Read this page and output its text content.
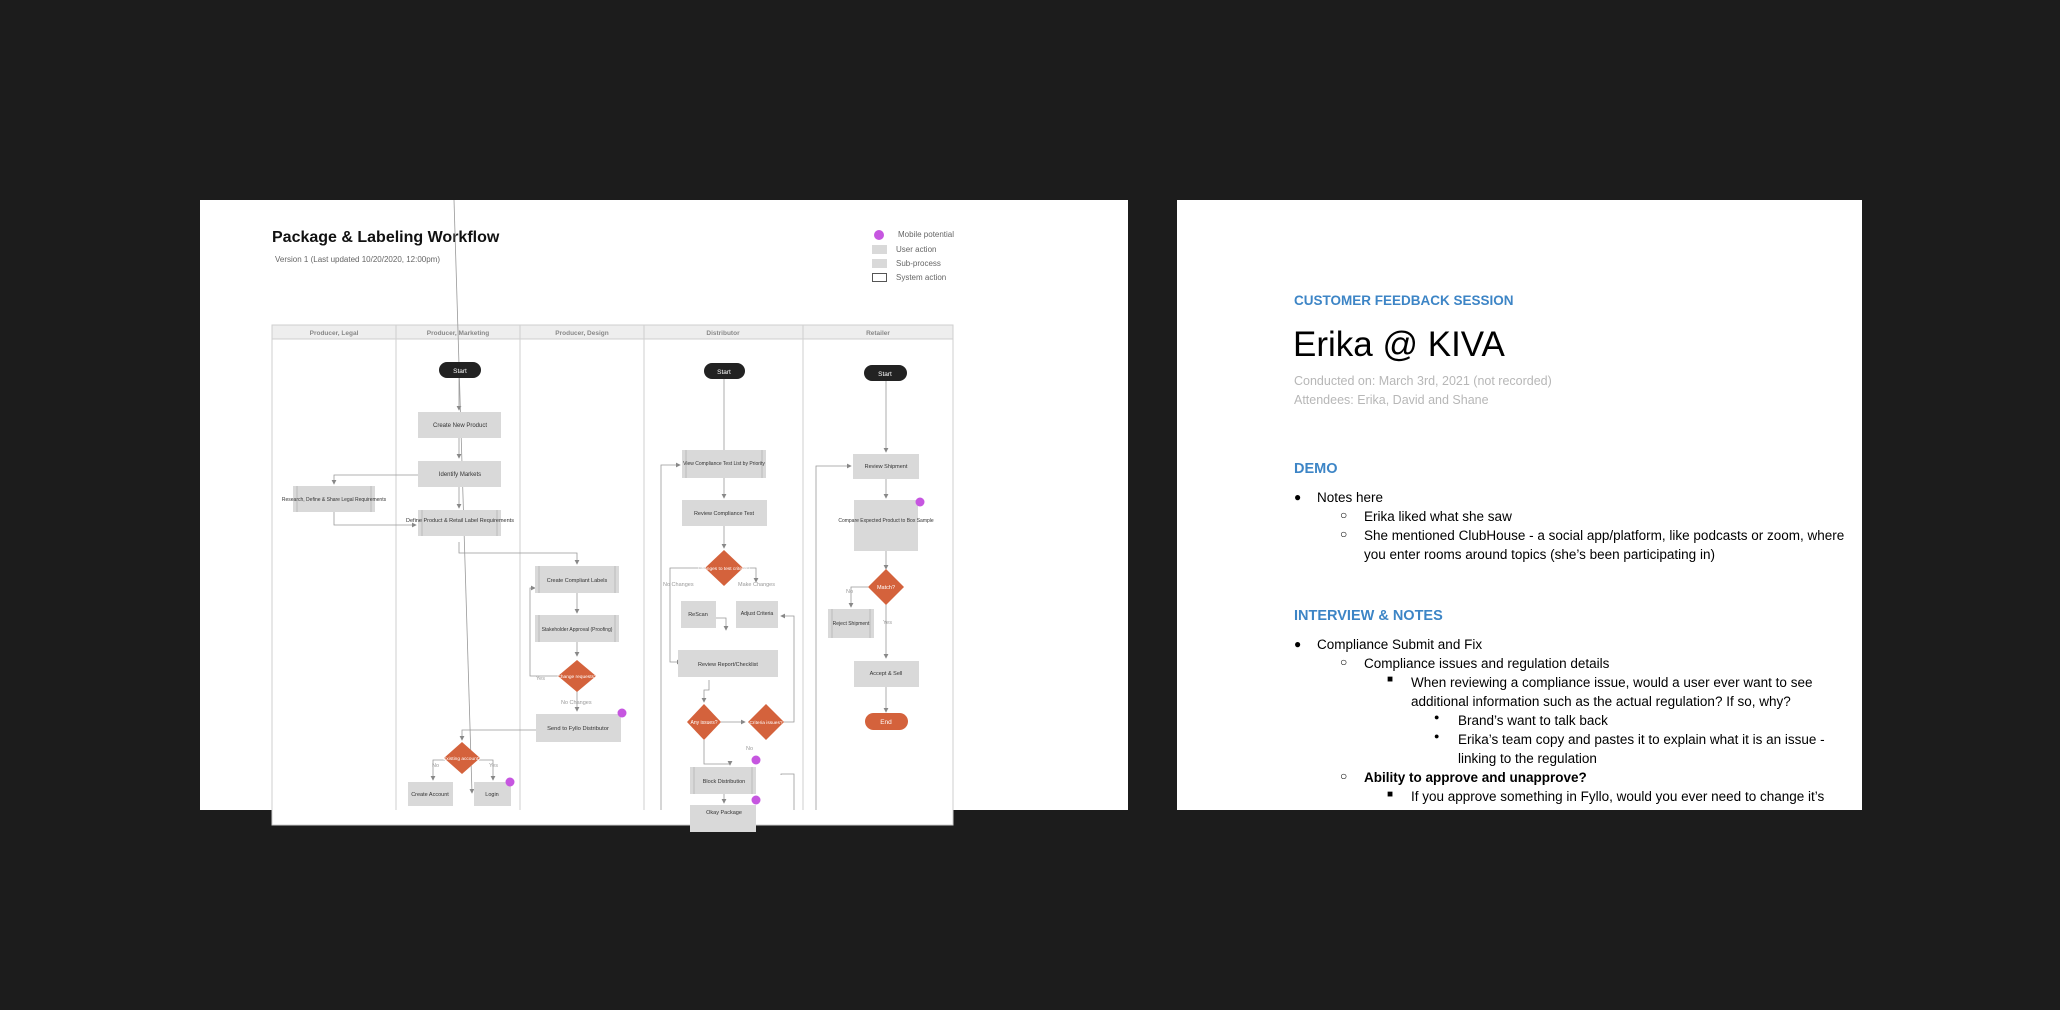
Package & Labeling Workflow
Version 1 (Last updated 10/20/2020, 12:00pm)
Mobile potential
User action
Sub-process
System action
Producer, Legal	Producer, Marketing	Producer, Design	Distributor	Retailer
No Changes	Make Changes
Yes
No Changes
No	Yes
No
Yes
No
Start
Create New Product
Identify Markets
Define Product & Retail Label Requirements
Research, Define & Share Legal Requirements
Create Compliant Labels
Stakeholder Approval (Proofing)
Change requests?
Send to Fyllo Distributor
Existing account?
Create Account	Login
Start
View Compliance Test List by Priority
Review Compliance Test
Changes to test criteria?
ReScan	Adjust Criteria
Review Report/Checklist
Any issues?	Criteria issues?
Block Distribution
Okay Package
Start
Review Shipment
Compare Expected Product to Box Sample
Match?
Reject Shipment
Accept & Sell
End
CUSTOMER FEEDBACK SESSION
Erika @ KIVA
Conducted on: March 3rd, 2021 (not recorded)
Attendees: Erika, David and Shane
DEMO
● Notes here
○ Erika liked what she saw
○ She mentioned ClubHouse - a social app/platform, like podcasts or zoom, where
you enter rooms around topics (she’s been participating in)
INTERVIEW & NOTES
● Compliance Submit and Fix
○ Compliance issues and regulation details
■ When reviewing a compliance issue, would a user ever want to see
additional information such as the actual regulation? If so, why?
● Brand’s want to talk back
● Erika’s team copy and pastes it to explain what it is an issue -
linking to the regulation
○ Ability to approve and unapprove?
■ If you approve something in Fyllo, would you ever need to change it’s
